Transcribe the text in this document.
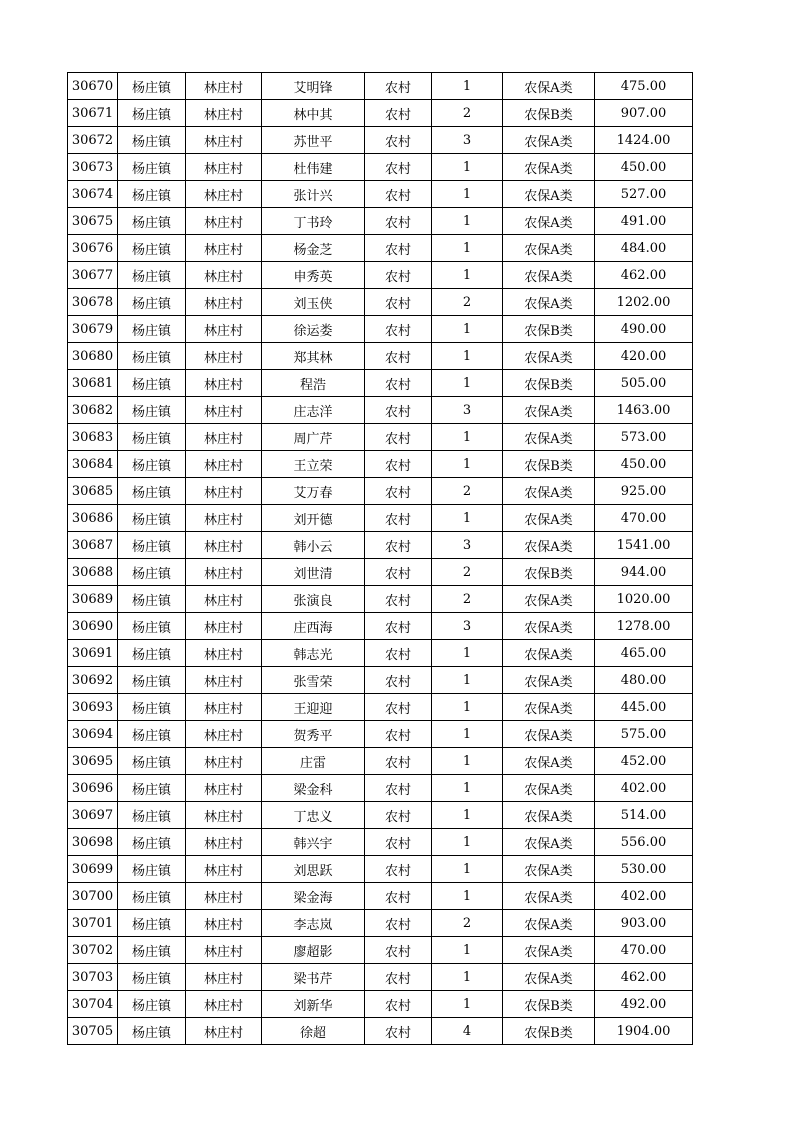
30670	杨庄镇	林庄村	艾明锋	农村	1	农保A类	475.00
30671	杨庄镇	林庄村	林中其	农村	2	农保B类	907.00
30672	杨庄镇	林庄村	苏世平	农村	3	农保A类	1424.00
30673	杨庄镇	林庄村	杜伟建	农村	1	农保A类	450.00
30674	杨庄镇	林庄村	张计兴	农村	1	农保A类	527.00
30675	杨庄镇	林庄村	丁书玲	农村	1	农保A类	491.00
30676	杨庄镇	林庄村	杨金芝	农村	1	农保A类	484.00
30677	杨庄镇	林庄村	申秀英	农村	1	农保A类	462.00
30678	杨庄镇	林庄村	刘玉侠	农村	2	农保A类	1202.00
30679	杨庄镇	林庄村	徐运娄	农村	1	农保B类	490.00
30680	杨庄镇	林庄村	郑其林	农村	1	农保A类	420.00
30681	杨庄镇	林庄村	程浩	农村	1	农保B类	505.00
30682	杨庄镇	林庄村	庄志洋	农村	3	农保A类	1463.00
30683	杨庄镇	林庄村	周广芹	农村	1	农保A类	573.00
30684	杨庄镇	林庄村	王立荣	农村	1	农保B类	450.00
30685	杨庄镇	林庄村	艾万春	农村	2	农保A类	925.00
30686	杨庄镇	林庄村	刘开德	农村	1	农保A类	470.00
30687	杨庄镇	林庄村	韩小云	农村	3	农保A类	1541.00
30688	杨庄镇	林庄村	刘世清	农村	2	农保B类	944.00
30689	杨庄镇	林庄村	张演良	农村	2	农保A类	1020.00
30690	杨庄镇	林庄村	庄西海	农村	3	农保A类	1278.00
30691	杨庄镇	林庄村	韩志光	农村	1	农保A类	465.00
30692	杨庄镇	林庄村	张雪荣	农村	1	农保A类	480.00
30693	杨庄镇	林庄村	王迎迎	农村	1	农保A类	445.00
30694	杨庄镇	林庄村	贺秀平	农村	1	农保A类	575.00
30695	杨庄镇	林庄村	庄雷	农村	1	农保A类	452.00
30696	杨庄镇	林庄村	梁金科	农村	1	农保A类	402.00
30697	杨庄镇	林庄村	丁忠义	农村	1	农保A类	514.00
30698	杨庄镇	林庄村	韩兴宇	农村	1	农保A类	556.00
30699	杨庄镇	林庄村	刘思跃	农村	1	农保A类	530.00
30700	杨庄镇	林庄村	梁金海	农村	1	农保A类	402.00
30701	杨庄镇	林庄村	李志岚	农村	2	农保A类	903.00
30702	杨庄镇	林庄村	廖超影	农村	1	农保A类	470.00
30703	杨庄镇	林庄村	梁书芹	农村	1	农保A类	462.00
30704	杨庄镇	林庄村	刘新华	农村	1	农保B类	492.00
30705	杨庄镇	林庄村	徐超	农村	4	农保B类	1904.00
